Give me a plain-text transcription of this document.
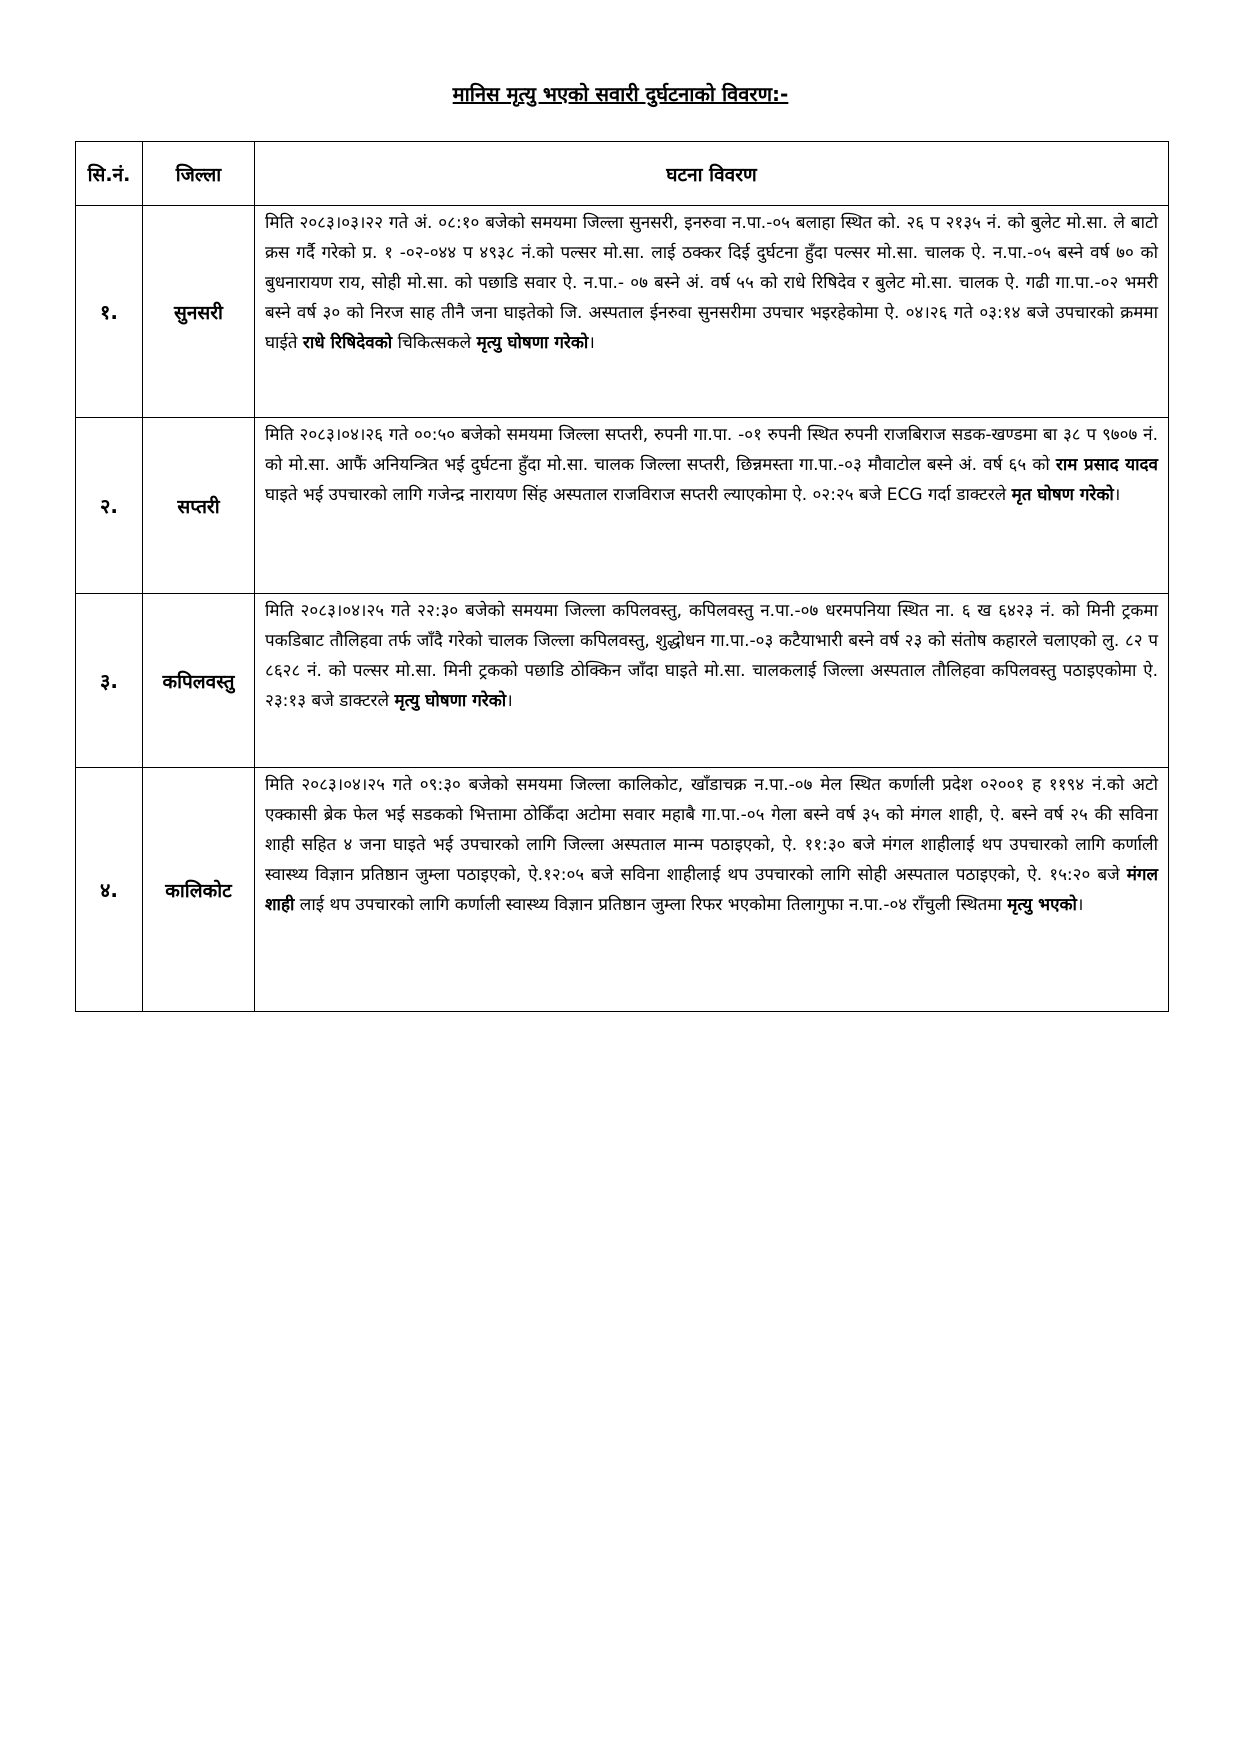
मानिस मृत्यु भएको सवारी दुर्घटनाको विवरण:-
सि.नं.	जिल्ला	घटना विवरण
१.	सुनसरी	मिति २०८३।०३।२२ गते अं. ०८:१० बजेको समयमा जिल्ला सुनसरी, इनरुवा न.पा.-०५ बलाहा स्थित को. २६ प २१३५ नं. को बुलेट मो.सा. ले बाटो क्रस गर्दै गरेको प्र. १ -०२-०४४ प ४९३८ नं.को पल्सर मो.सा. लाई ठक्कर दिई दुर्घटना हुँदा पल्सर मो.सा. चालक ऐ. न.पा.-०५ बस्ने वर्ष ७० को बुधनारायण राय, सोही मो.सा. को पछाडि सवार ऐ. न.पा.- ०७ बस्ने अं. वर्ष ५५ को राधे रिषिदेव र बुलेट मो.सा. चालक ऐ. गढी गा.पा.-०२ भमरी बस्ने वर्ष ३० को निरज साह तीनै जना घाइतेको जि. अस्पताल ईनरुवा सुनसरीमा उपचार भइरहेकोमा ऐ. ०४।२६ गते ०३:१४ बजे उपचारको क्रममा घाईते राधे रिषिदेवको चिकित्सकले मृत्यु घोषणा गरेको।
२.	सप्तरी	मिति २०८३।०४।२६ गते ००:५० बजेको समयमा जिल्ला सप्तरी, रुपनी गा.पा. -०१ रुपनी स्थित रुपनी राजबिराज सडक-खण्डमा बा ३८ प ९७०७ नं. को मो.सा. आफैं अनियन्त्रित भई दुर्घटना हुँदा मो.सा. चालक जिल्ला सप्तरी, छिन्नमस्ता गा.पा.-०३ मौवाटोल बस्ने अं. वर्ष ६५ को राम प्रसाद यादव घाइते भई उपचारको लागि गजेन्द्र नारायण सिंह अस्पताल राजविराज सप्तरी ल्याएकोमा ऐ. ०२:२५ बजे ECG गर्दा डाक्टरले मृत घोषण गरेको।
३.	कपिलवस्तु	मिति २०८३।०४।२५ गते २२:३० बजेको समयमा जिल्ला कपिलवस्तु, कपिलवस्तु न.पा.-०७ धरमपनिया स्थित ना. ६ ख ६४२३ नं. को मिनी ट्रकमा पकडिबाट तौलिहवा तर्फ जाँदै गरेको चालक जिल्ला कपिलवस्तु, शुद्धोधन गा.पा.-०३ कटैयाभारी बस्ने वर्ष २३ को संतोष कहारले चलाएको लु. ८२ प ८६२८ नं. को पल्सर मो.सा. मिनी ट्रकको पछाडि ठोक्किन जाँदा घाइते मो.सा. चालकलाई जिल्ला अस्पताल तौलिहवा कपिलवस्तु पठाइएकोमा ऐ. २३:१३ बजे डाक्टरले मृत्यु घोषणा गरेको।
४.	कालिकोट	मिति २०८३।०४।२५ गते ०९:३० बजेको समयमा जिल्ला कालिकोट, खाँडाचक्र न.पा.-०७ मेल स्थित कर्णाली प्रदेश ०२००१ ह ११९४ नं.को अटो एक्कासी ब्रेक फेल भई सडकको भित्तामा ठोकिँदा अटोमा सवार महाबै गा.पा.-०५ गेला बस्ने वर्ष ३५ को मंगल शाही, ऐ. बस्ने वर्ष २५ की सविना शाही सहित ४ जना घाइते भई उपचारको लागि जिल्ला अस्पताल मान्म पठाइएको, ऐ. ११:३० बजे मंगल शाहीलाई थप उपचारको लागि कर्णाली स्वास्थ्य विज्ञान प्रतिष्ठान जुम्ला पठाइएको, ऐ.१२:०५ बजे सविना शाहीलाई थप उपचारको लागि सोही अस्पताल पठाइएको, ऐ. १५:२० बजे मंगल शाही लाई थप उपचारको लागि कर्णाली स्वास्थ्य विज्ञान प्रतिष्ठान जुम्ला रिफर भएकोमा तिलागुफा न.पा.-०४ राँचुली स्थितमा मृत्यु भएको।
